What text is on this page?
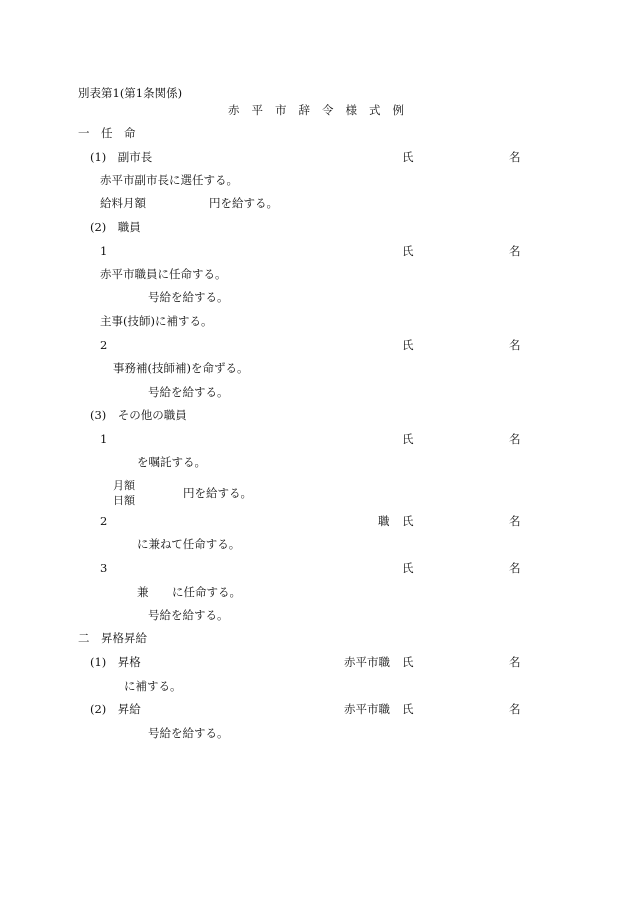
別表第1(第1条関係)
赤平市辞令様式例
一　任　命
(1)　副市長	氏	名
赤平市副市長に選任する。
給料月額	円を給する。
(2)　職員
1	氏	名
赤平市職員に任命する。
号給を給する。
主事(技師)に補する。
2	氏	名
事務補(技師補)を命ずる。
号給を給する。
(3)　その他の職員
1	氏	名
を嘱託する。
月額
日額
円を給する。
2	職 氏	名
に兼ねて任命する。
3	氏	名
兼 に任命する。
号給を給する。
二　昇格昇給
(1)　昇格	赤平市職 氏	名
に補する。
(2)　昇給	赤平市職 氏	名
号給を給する。
